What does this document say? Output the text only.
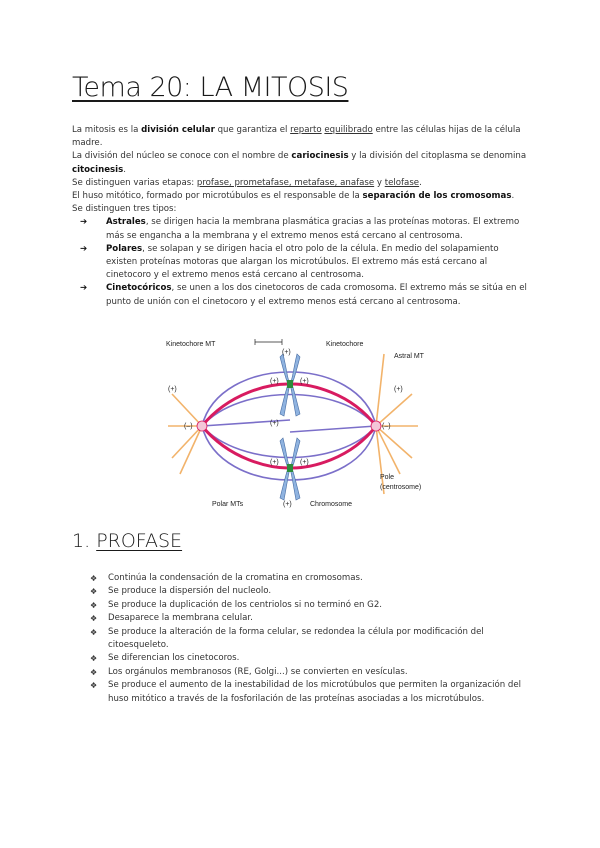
Tema 20: LA MITOSIS

La mitosis es la división celular que garantiza el reparto equilibrado entre las células hijas de la célula madre.

La división del núcleo se conoce con el nombre de cariocinesis y la división del citoplasma se denomina citocinesis.

Se distinguen varias etapas: profase, prometafase, metafase, anafase y telofase.

El huso mitótico, formado por microtúbulos es el responsable de la separación de los cromosomas.

Se distinguen tres tipos:

➔ Astrales, se dirigen hacia la membrana plasmática gracias a las proteínas motoras. El extremo más se engancha a la membrana y el extremo menos está cercano al centrosoma.
➔ Polares, se solapan y se dirigen hacia el otro polo de la célula. En medio del solapamiento existen proteínas motoras que alargan los microtúbulos. El extremo más está cercano al cinetocoro y el extremo menos está cercano al centrosoma.
➔ Cinetocóricos, se unen a los dos cinetocoros de cada cromosoma. El extremo más se sitúa en el punto de unión con el cinetocoro y el extremo menos está cercano al centrosoma.
Kinetochore MT	Kinetochore
Astral MT
Polar MTs	Chromosome
Pole
(centrosome)
(+)
(+)	(+)
(+)	(+)
(+)
(+)	(+)
(+)
(–)	(–)
1. PROFASE
❖ Continúa la condensación de la cromatina en cromosomas.
❖ Se produce la dispersión del nucleolo.
❖ Se produce la duplicación de los centriolos si no terminó en G2.
❖ Desaparece la membrana celular.
❖ Se produce la alteración de la forma celular, se redondea la célula por modificación del citoesqueleto.
❖ Se diferencian los cinetocoros.
❖ Los orgánulos membranosos (RE, Golgi...) se convierten en vesículas.
❖ Se produce el aumento de la inestabilidad de los microtúbulos que permiten la organización del huso mitótico a través de la fosforilación de las proteínas asociadas a los microtúbulos.
